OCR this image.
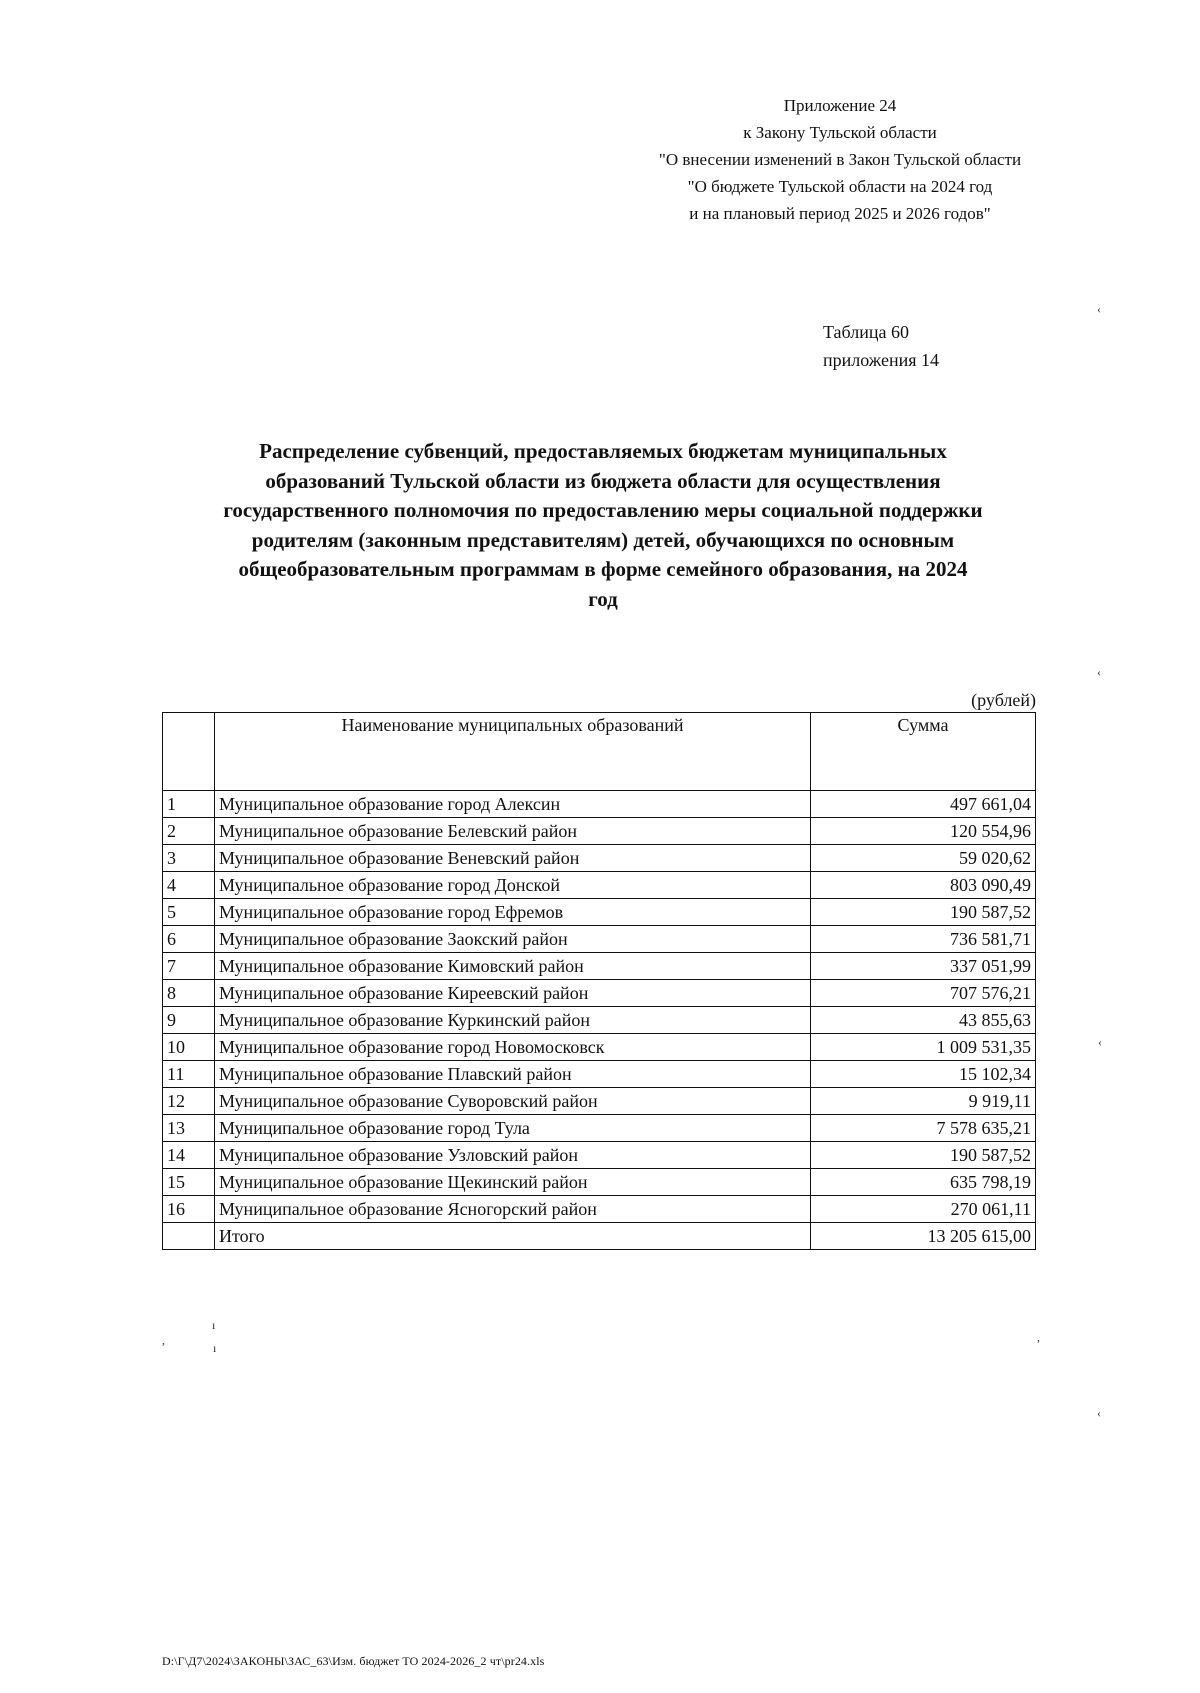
Приложение 24
к Закону Тульской области
"О внесении изменений в Закон Тульской области
"О бюджете Тульской области на 2024 год
и на плановый период 2025 и 2026 годов"
Таблица 60
приложения 14
Распределение субвенций, предоставляемых бюджетам муниципальных
образований Тульской области из бюджета области для осуществления
государственного полномочия по предоставлению меры социальной поддержки
родителям (законным представителям) детей, обучающихся по основным
общеобразовательным программам в форме семейного образования, на 2024
год
(рублей)
	Наименование муниципальных образований	Сумма
1	Муниципальное образование город Алексин	497 661,04
2	Муниципальное образование Белевский район	120 554,96
3	Муниципальное образование Веневский район	59 020,62
4	Муниципальное образование город Донской	803 090,49
5	Муниципальное образование город Ефремов	190 587,52
6	Муниципальное образование Заокский район	736 581,71
7	Муниципальное образование Кимовский район	337 051,99
8	Муниципальное образование Киреевский район	707 576,21
9	Муниципальное образование Куркинский район	43 855,63
10	Муниципальное образование город Новомосковск	1 009 531,35
11	Муниципальное образование Плавский район	15 102,34
12	Муниципальное образование Суворовский район	9 919,11
13	Муниципальное образование город Тула	7 578 635,21
14	Муниципальное образование Узловский район	190 587,52
15	Муниципальное образование Щекинский район	635 798,19
16	Муниципальное образование Ясногорский район	270 061,11
	Итого	13 205 615,00
‹
‹
‹
‹
ı
ı
,	,
D:\Г\Д7\2024\ЗАКОНЫ\ЗАС_63\Изм. бюджет ТО 2024-2026_2 чт\pr24.xls
